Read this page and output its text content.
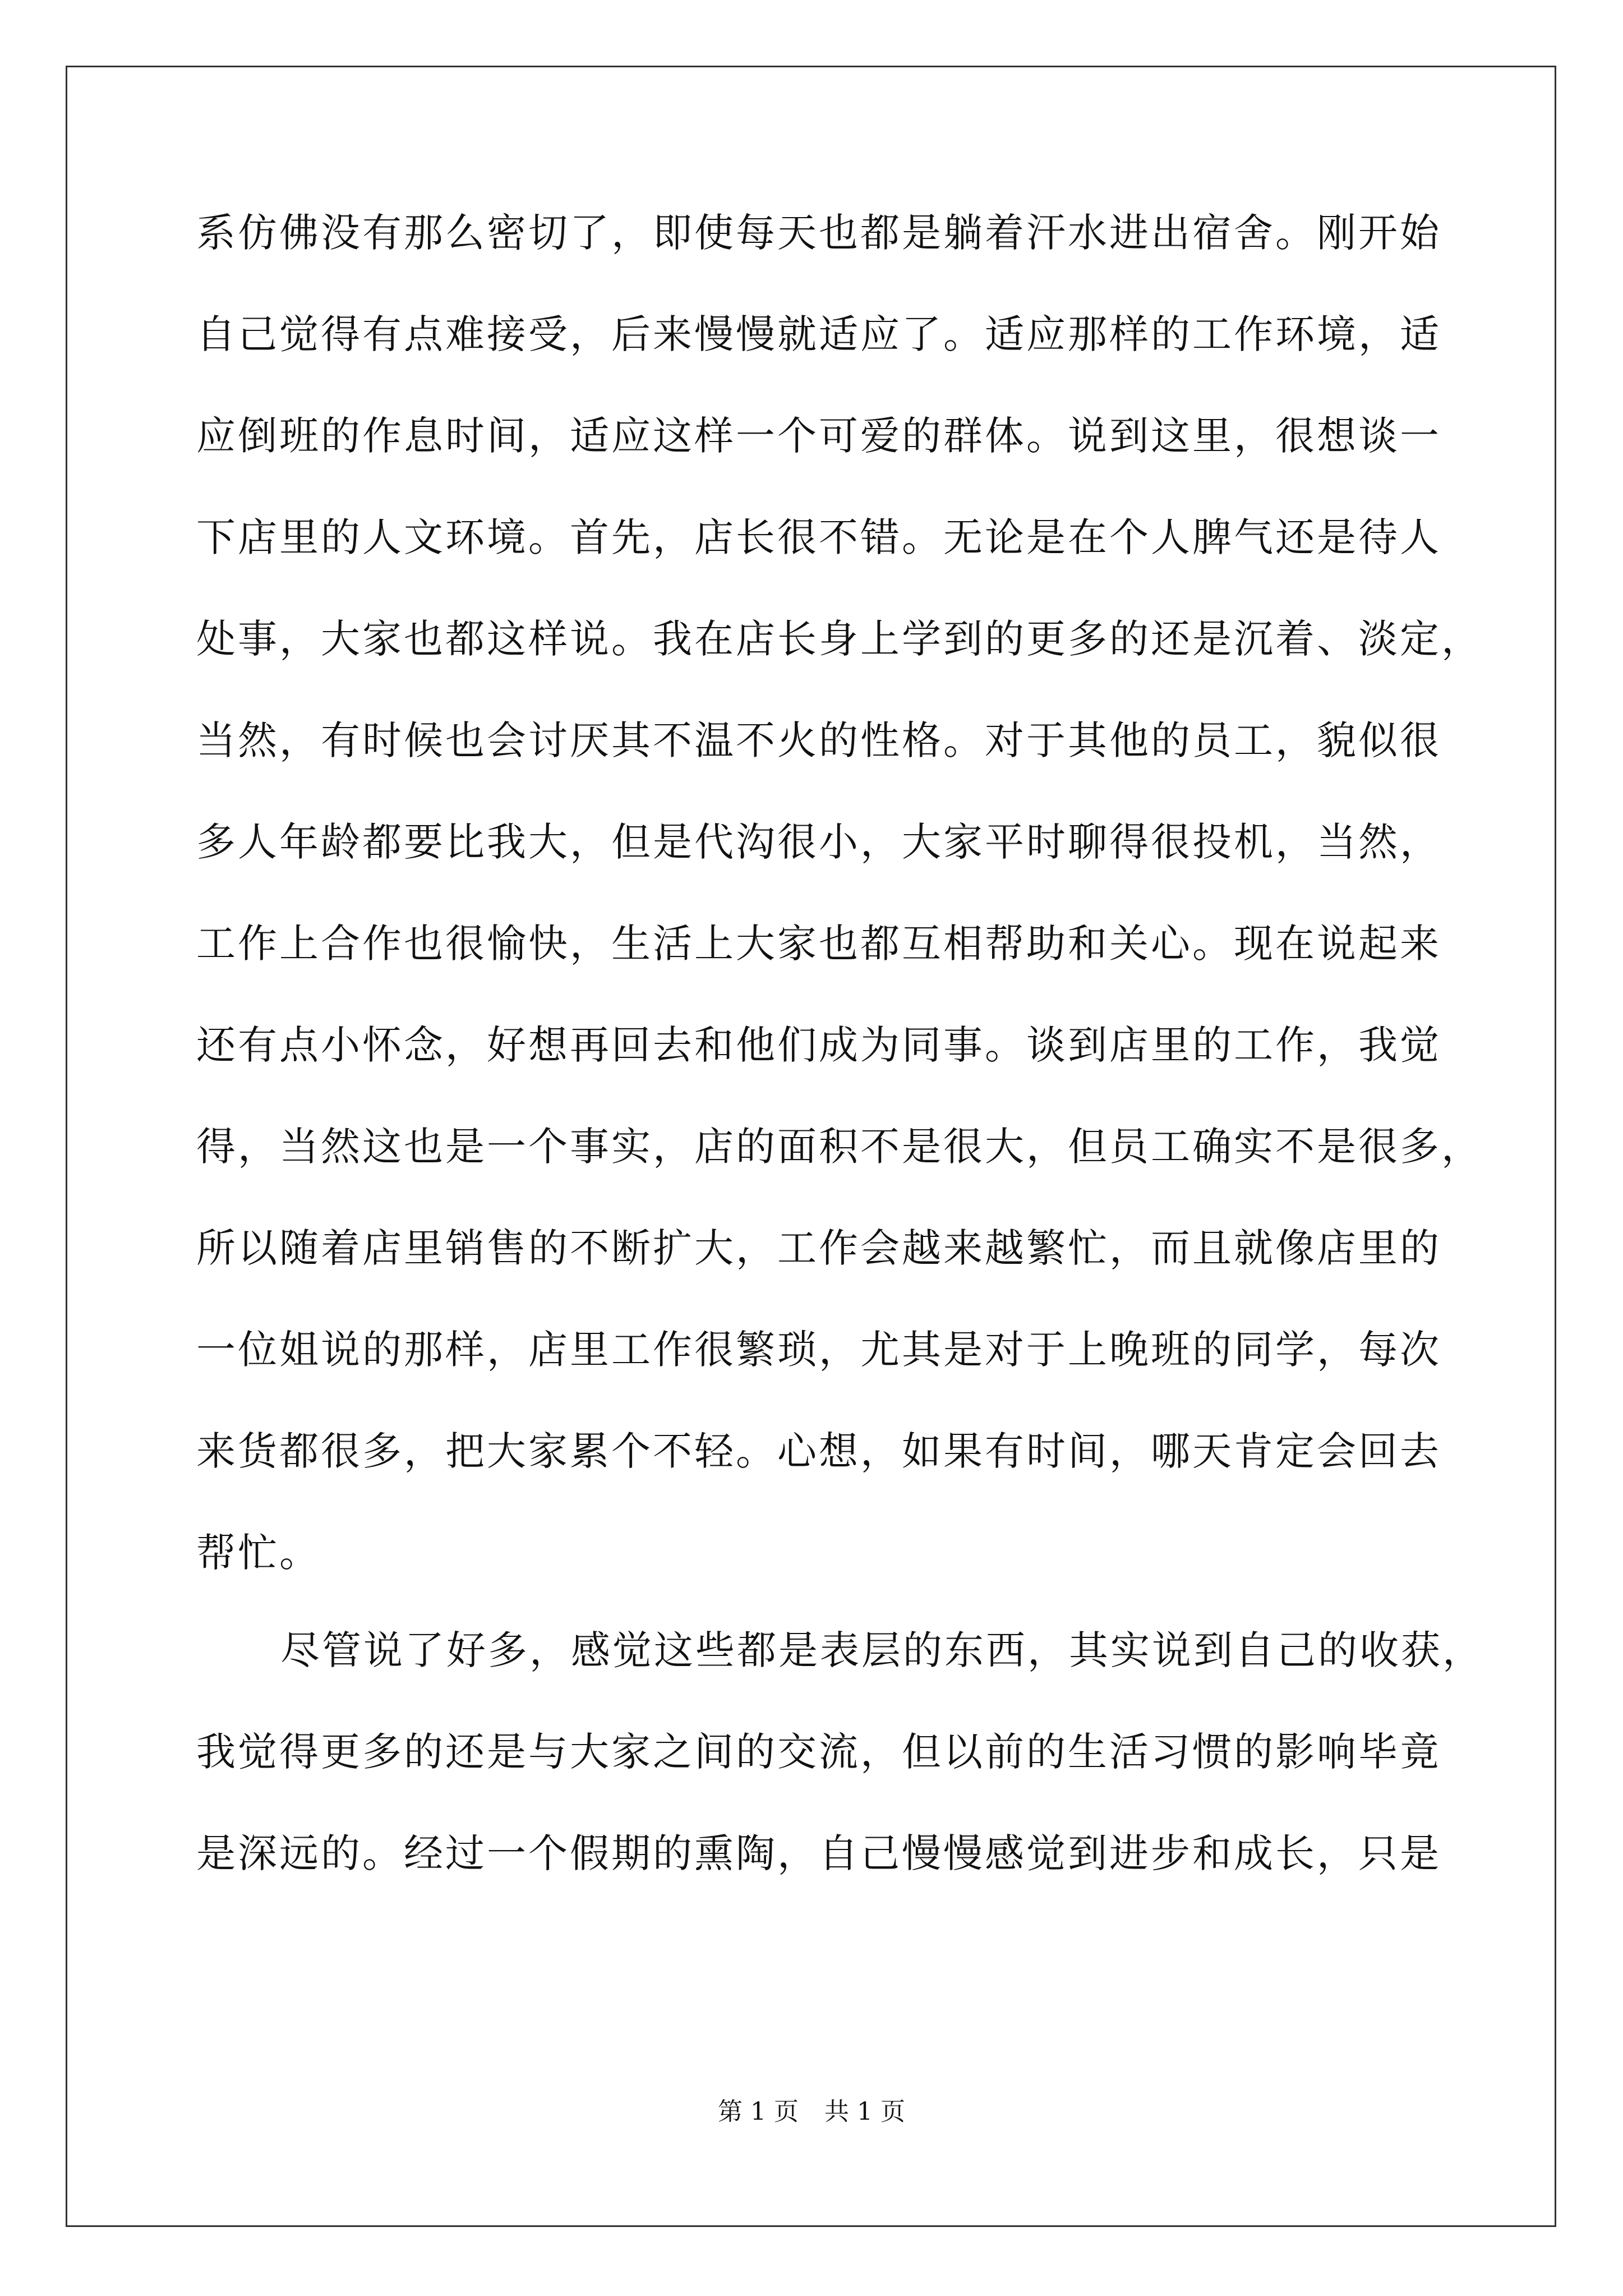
系仿佛没有那么密切了，即使每天也都是躺着汗水进出宿舍。刚开始
自己觉得有点难接受，后来慢慢就适应了。适应那样的工作环境，适
应倒班的作息时间，适应这样一个可爱的群体。说到这里，很想谈一
下店里的人文环境。首先，店长很不错。无论是在个人脾气还是待人
处事，大家也都这样说。我在店长身上学到的更多的还是沉着、淡定，
当然，有时候也会讨厌其不温不火的性格。对于其他的员工，貌似很
多人年龄都要比我大，但是代沟很小，大家平时聊得很投机，当然，
工作上合作也很愉快，生活上大家也都互相帮助和关心。现在说起来
还有点小怀念，好想再回去和他们成为同事。谈到店里的工作，我觉
得，当然这也是一个事实，店的面积不是很大，但员工确实不是很多，
所以随着店里销售的不断扩大，工作会越来越繁忙，而且就像店里的
一位姐说的那样，店里工作很繁琐，尤其是对于上晚班的同学，每次
来货都很多，把大家累个不轻。心想，如果有时间，哪天肯定会回去
帮忙。
尽管说了好多，感觉这些都是表层的东西，其实说到自己的收获，
我觉得更多的还是与大家之间的交流，但以前的生活习惯的影响毕竟
是深远的。经过一个假期的熏陶，自己慢慢感觉到进步和成长，只是
第 1 页 共 1 页
